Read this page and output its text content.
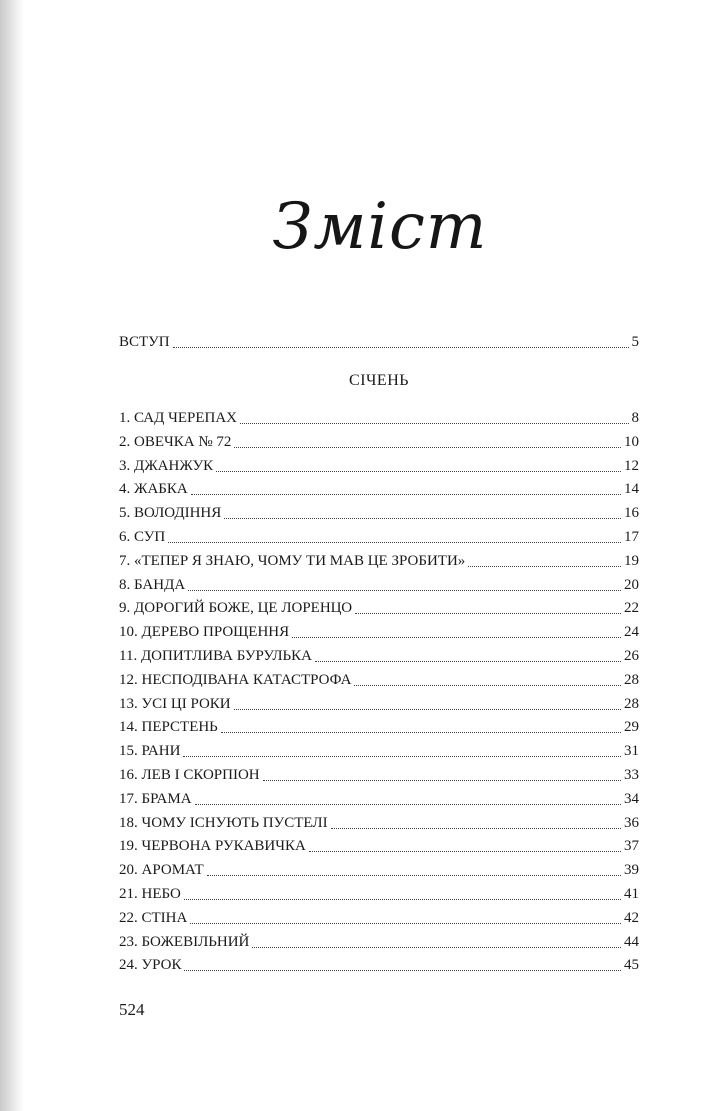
Зміст
ВСТУП	5
СІЧЕНЬ
1. САД ЧЕРЕПАХ	8
2. ОВЕЧКА № 72	10
3. ДЖАНЖУК	12
4. ЖАБКА	14
5. ВОЛОДІННЯ	16
6. СУП	17
7. «ТЕПЕР Я ЗНАЮ, ЧОМУ ТИ МАВ ЦЕ ЗРОБИТИ»	19
8. БАНДА	20
9. ДОРОГИЙ БОЖЕ, ЦЕ ЛОРЕНЦО	22
10. ДЕРЕВО ПРОЩЕННЯ	24
11. ДОПИТЛИВА БУРУЛЬКА	26
12. НЕСПОДІВАНА КАТАСТРОФА	28
13. УСІ ЦІ РОКИ	28
14. ПЕРСТЕНЬ	29
15. РАНИ	31
16. ЛЕВ І СКОРПІОН	33
17. БРАМА	34
18. ЧОМУ ІСНУЮТЬ ПУСТЕЛІ	36
19. ЧЕРВОНА РУКАВИЧКА	37
20. АРОМАТ	39
21. НЕБО	41
22. СТІНА	42
23. БОЖЕВІЛЬНИЙ	44
24. УРОК	45
524
